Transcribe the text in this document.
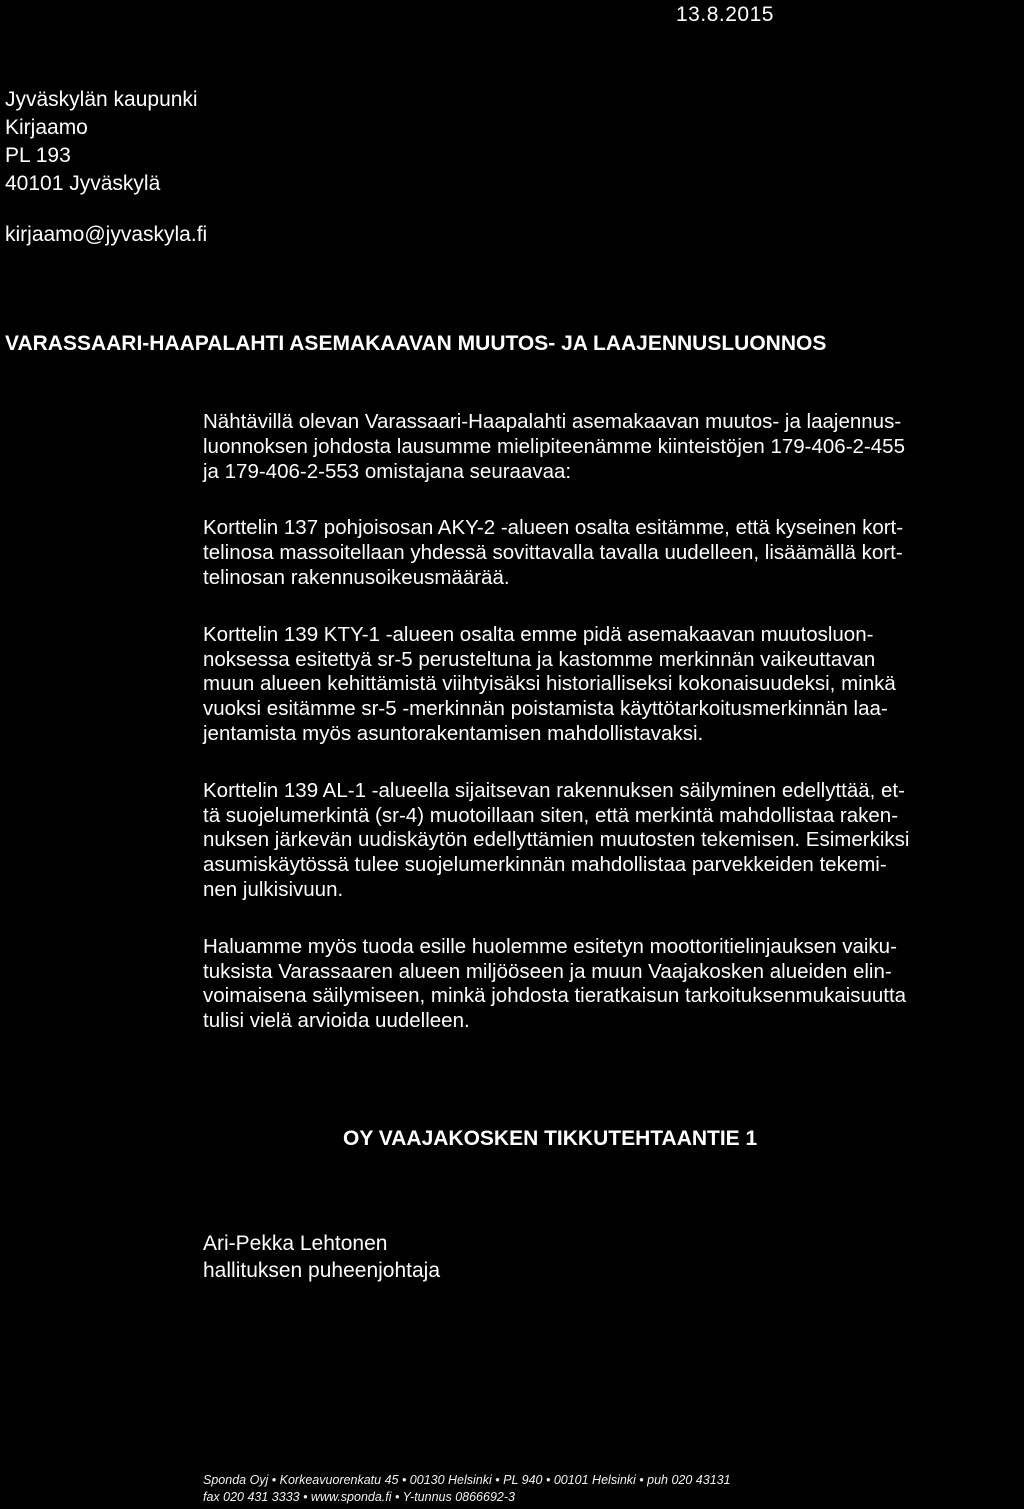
13.8.2015
Jyväskylän kaupunki
Kirjaamo
PL 193
40101 Jyväskylä
kirjaamo@jyvaskyla.fi
VARASSAARI-HAAPALAHTI ASEMAKAAVAN MUUTOS- JA LAAJENNUSLUONNOS

Nähtävillä olevan Varassaari-Haapalahti asemakaavan muutos- ja laajennus-
luonnoksen johdosta lausumme mielipiteenämme kiinteistöjen 179-406-2-455
ja 179-406-2-553 omistajana seuraavaa:

Korttelin 137 pohjoisosan AKY-2 -alueen osalta esitämme, että kyseinen kort-
telinosa massoitellaan yhdessä sovittavalla tavalla uudelleen, lisäämällä kort-
telinosan rakennusoikeusmäärää.

Korttelin 139 KTY-1 -alueen osalta emme pidä asemakaavan muutosluon-
noksessa esitettyä sr-5 perusteltuna ja kastomme merkinnän vaikeuttavan
muun alueen kehittämistä viihtyisäksi historialliseksi kokonaisuudeksi, minkä
vuoksi esitämme sr-5 -merkinnän poistamista käyttötarkoitusmerkinnän laa-
jentamista myös asuntorakentamisen mahdollistavaksi.

Korttelin 139 AL-1 -alueella sijaitsevan rakennuksen säilyminen edellyttää, et-
tä suojelumerkintä (sr-4) muotoillaan siten, että merkintä mahdollistaa raken-
nuksen järkevän uudiskäytön edellyttämien muutosten tekemisen. Esimerkiksi
asumiskäytössä tulee suojelumerkinnän mahdollistaa parvekkeiden tekemi-
nen julkisivuun.

Haluamme myös tuoda esille huolemme esitetyn moottoritielinjauksen vaiku-
tuksista Varassaaren alueen miljööseen ja muun Vaajakosken alueiden elin-
voimaisena säilymiseen, minkä johdosta tieratkaisun tarkoituksenmukaisuutta
tulisi vielä arvioida uudelleen.

OY VAAJAKOSKEN TIKKUTEHTAANTIE 1
Ari-Pekka Lehtonen
hallituksen puheenjohtaja
Sponda Oyj • Korkeavuorenkatu 45 • 00130 Helsinki • PL 940 • 00101 Helsinki • puh 020 43131
fax 020 431 3333 • www.sponda.fi • Y-tunnus 0866692-3
